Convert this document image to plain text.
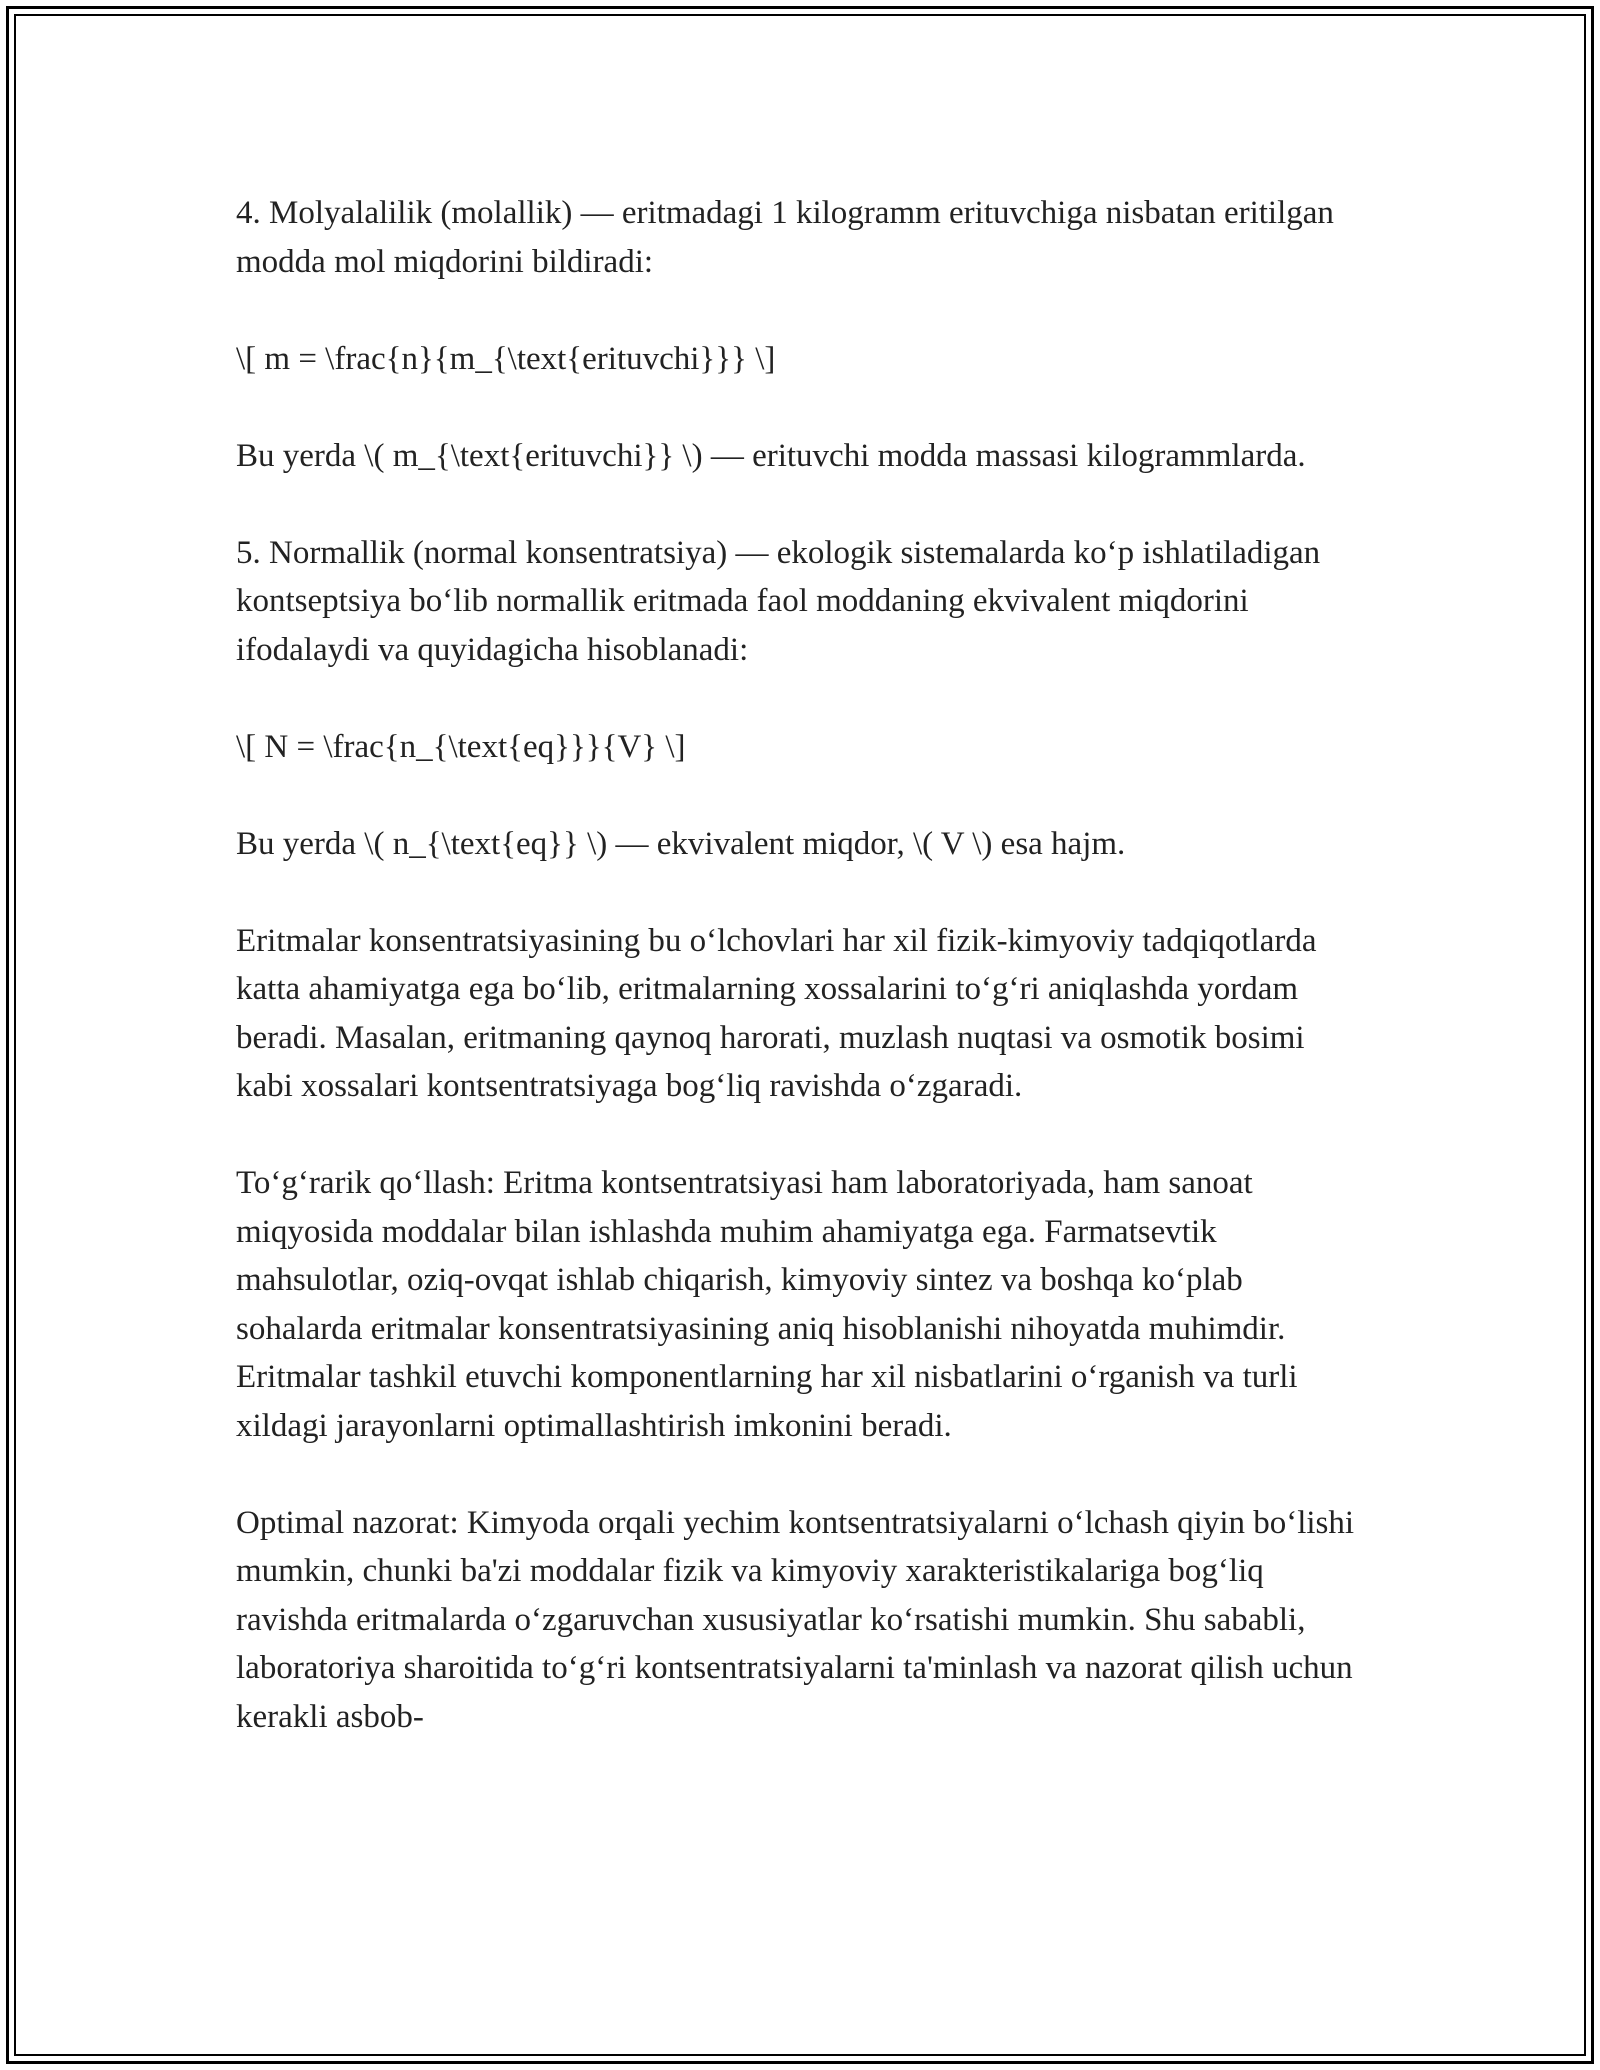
4. Molyalalilik (molallik) — eritmadagi 1 kilogramm erituvchiga nisbatan eritilgan modda mol miqdorini bildiradi:

\[ m = \frac{n}{m_{\text{erituvchi}}} \]

Bu yerda \( m_{\text{erituvchi}} \) — erituvchi modda massasi kilogrammlarda.

5. Normallik (normal konsentratsiya) — ekologik sistemalarda koʻp ishlatiladigan kontseptsiya boʻlib normallik eritmada faol moddaning ekvivalent miqdorini ifodalaydi va quyidagicha hisoblanadi:

\[ N = \frac{n_{\text{eq}}}{V} \]

Bu yerda \( n_{\text{eq}} \) — ekvivalent miqdor, \( V \) esa hajm.

Eritmalar konsentratsiyasining bu oʻlchovlari har xil fizik-kimyoviy tadqiqotlarda katta ahamiyatga ega boʻlib, eritmalarning xossalarini toʻgʻri aniqlashda yordam beradi. Masalan, eritmaning qaynoq harorati, muzlash nuqtasi va osmotik bosimi kabi xossalari kontsentratsiyaga bogʻliq ravishda oʻzgaradi.

Toʻgʻrarik qoʻllash: Eritma kontsentratsiyasi ham laboratoriyada, ham sanoat miqyosida moddalar bilan ishlashda muhim ahamiyatga ega. Farmatsevtik mahsulotlar, oziq-ovqat ishlab chiqarish, kimyoviy sintez va boshqa koʻplab sohalarda eritmalar konsentratsiyasining aniq hisoblanishi nihoyatda muhimdir. Eritmalar tashkil etuvchi komponentlarning har xil nisbatlarini oʻrganish va turli xildagi jarayonlarni optimallashtirish imkonini beradi.

Optimal nazorat: Kimyoda orqali yechim kontsentratsiyalarni oʻlchash qiyin boʻlishi mumkin, chunki ba'zi moddalar fizik va kimyoviy xarakteristikalariga bogʻliq ravishda eritmalarda oʻzgaruvchan xususiyatlar koʻrsatishi mumkin. Shu sababli, laboratoriya sharoitida toʻgʻri kontsentratsiyalarni ta'minlash va nazorat qilish uchun kerakli asbob-
